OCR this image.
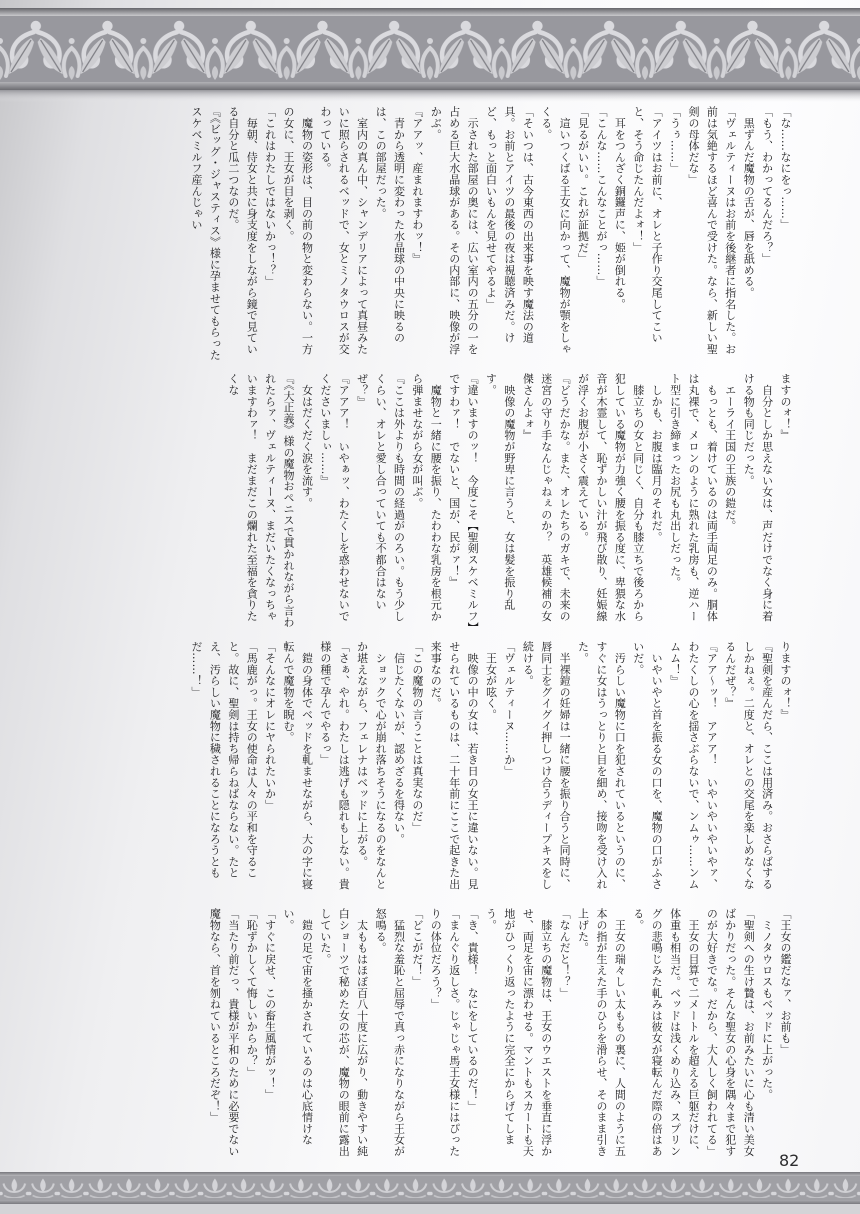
「な……なにをっ……」

「もう、わかってるんだろ？」

　黒ずんだ魔物の舌が、唇を舐める。

「ヴェルティーヌはお前を後継者に指名した。お前は気絶するほど喜んで受けた。なら、新しい聖剣の母体だな」

「うぅ……」

「アイツはお前に、オレと子作り交尾してこいと、そう命じたんだよォ！」

　耳をつんざく銅鑼声に、姫が倒れる。

「こんな……こんなことがっ……」

「見るがいい。これが証拠だ」

　這いつくばる王女に向かって、魔物が顎をしゃくる。

「そいつは、古今東西の出来事を映す魔法の道具。お前とアイツの最後の夜は視聴済みだ。けど、もっと面白いもんを見せてやるよ」

　示された部屋の奥には、広い室内の五分の一を占める巨大水晶球がある。その内部に、映像が浮かぶ。

『アアッ、産まれますわッ！』

　青から透明に変わった水晶球の中央に映るのは、この部屋だった。

　室内の真ん中、シャンデリアによって真昼みたいに照らされるベッドで、女とミノタウロスが交わっている。

　魔物の姿形は、目の前の物と変わらない。一方の女に、王女が目を剥く。

「これはわたしではないかっ！？」

　毎朝、侍女と共に身支度をしながら鏡で見ている自分と瓜二つなのだ。

『《ビッグ・ジャスティス》様に孕ませてもらったスケベミルフ産んじゃい

ますのォ！』

　自分としか思えない女は、声だけでなく身に着ける物も同じだった。

　エーライ王国の王族の鎧だ。

　もっとも、着けているのは両手両足のみ。胴体は丸裸で、メロンのように熟れた乳房も、逆ハート型に引き締まったお尻も丸出しだった。

　しかも、お腹は臨月のそれだ。

　膝立ちの女と同じく、自分も膝立ちで後ろから犯している魔物が力強く腰を振る度に、卑猥な水音が木霊して、恥ずかしい汁が飛び散り、妊娠線が浮くお腹が小さく震えている。

『どうだかな。また、オレたちのガキで、未来の迷宮の守り手なんじゃねぇのか？　英雄候補の女傑さんよォ』

　映像の魔物が野卑に言うと、女は髪を振り乱す。

『違いますのッ！　今度こそ【聖剣スケベミルフ】ですわァ！　でないと、国が、民がァ！』

　魔物と一緒に腰を振り、たわわな乳房を根元から弾ませながら女が叫ぶ。

『ここは外よりも時間の経過がのろい。もう少しくらい、オレと愛し合っていても不都合はないぜ？』

『アアア！　いやぁッ、わたくしを惑わせないでくださいましぃ……』

　女はだくだく涙を流す。

『《大正義》様の魔物おペニスで貫かれながら言われたらァ、ヴェルティーヌ、まだいたくなっちゃいますわァ！　まだまだこの爛れた至福を貪りたくな

りますのォ！』

『聖剣を産んだら、ここは用済み。おさらばするしかねぇ。二度と、オレとの交尾を楽しめなくなるんだぜ？』

『アア〜ッ！　アアア！　いやいやいやいやァ、わたくしの心を揺さぶらないで、ンムゥ……ンムムム！』

　いやいやと首を振る女の口を、魔物の口がふさいだ。

　汚らしい魔物に口を犯されているというのに、すぐに女はうっとりと目を細め、接吻を受け入れた。

　半裸鎧の妊婦は一緒に腰を振り合うと同時に、唇同士をグイグイ押しつけ合うディープキスをし続ける。

「ヴェルティーヌ……か」

　王女が呟く。

　映像の中の女は、若き日の女王に違いない。見せられているものは、二十年前にここで起きた出来事なのだ。

「この魔物の言うことは真実なのだ」

　信じたくないが、認めざるを得ない。

　ショックで心が崩れ落ちそうになるのをなんとか堪えながら、フェレナはベッドに上がる。

「さぁ、やれ。わたしは逃げも隠れもしない。貴様の種で孕んでやるっ」

　鎧の身体でベッドを軋ませながら、大の字に寝転んで魔物を睨む。

「そんなにオレにヤられたいか」

「馬鹿がっ。王女の使命は人々の平和を守ること。故に、聖剣は持ち帰らねばならない。たとえ、汚らしい魔物に穢されることになろうともだ……！」

「王女の鑑だなァ、お前も」

　ミノタウロスもベッドに上がった。

「聖剣への生け贄は、お前みたいに心も清い美女ばかりだった。そんな聖女の心身を隅々まで犯すのが大好きでな。だから、大人しく飼われてる」

　王女の目算で二メートルを超える巨躯だけに、体重も相当だ。ベッドは浅くめり込み、スプリングの悲鳴じみた軋みは彼女が寝転んだ際の倍はある。

　王女の瑞々しい太ももの裏に、人間のように五本の指が生えた手のひらを滑らせ、そのまま引き上げた。

「なんだと！？」

　膝立ちの魔物は、王女のウエストを垂直に浮かせ、両足を宙に漂わせる。マントもスカートも天地がひっくり返ったように完全にからげてしまう。

「き、貴様！　なにをしているのだ！」

「まんぐり返しさ。じゃじゃ馬王女様にはぴったりの体位だろう？」

「どこがだ！」

　猛烈な羞恥と屈辱で真っ赤になりながら王女が怒鳴る。

　太ももはほぼ百八十度に広がり、動きやすい純白ショーツで秘めた女の芯が、魔物の眼前に露出していた。

　鎧の足で宙を掻かされているのは心底情けない。

「すぐに戻せ、この畜生風情がッ！」

「恥ずかしくて悔しいからか？」

「当たり前だっ、貴様が平和のために必要でない魔物なら、首を刎ねているところだぞ！」

82
